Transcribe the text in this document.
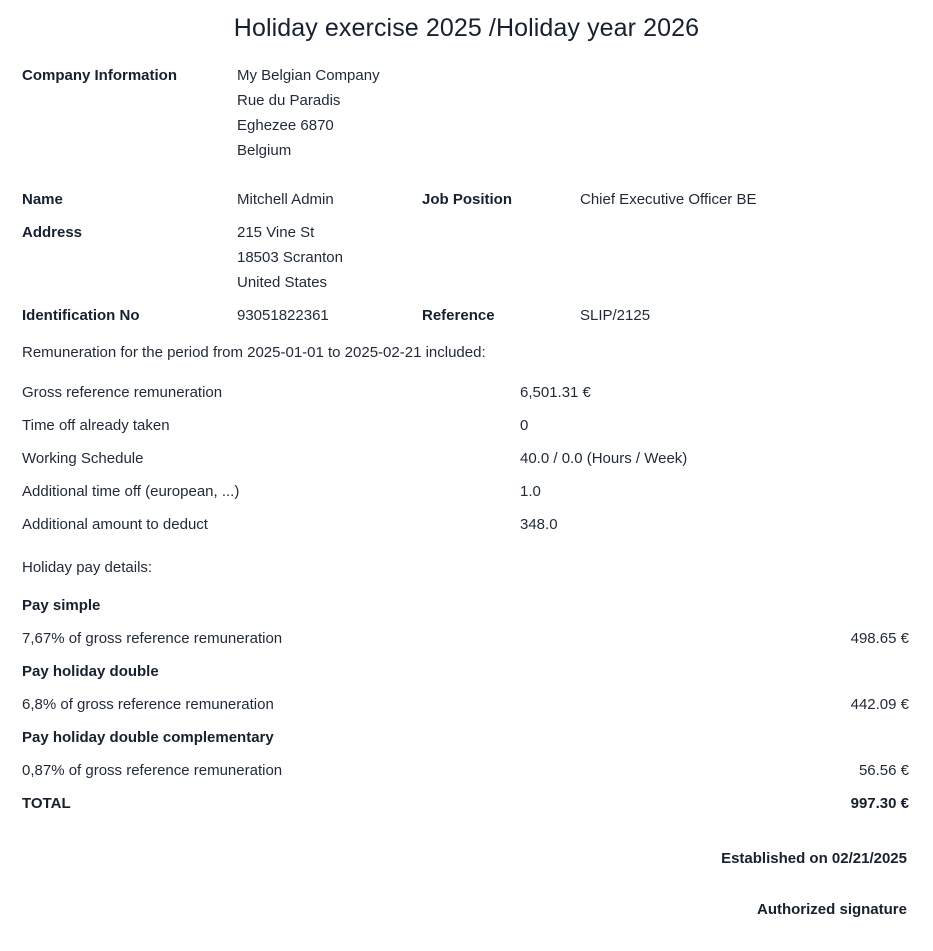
Holiday exercise 2025 /Holiday year 2026
Company Information	My Belgian Company
Rue du Paradis
Eghezee 6870
Belgium
Name	Mitchell Admin	Job Position	Chief Executive Officer BE
Address	215 Vine St
18503 Scranton
United States
Identification No	93051822361	Reference	SLIP/2125
Remuneration for the period from 2025-01-01 to 2025-02-21 included:
Gross reference remuneration	6,501.31 €
Time off already taken	0
Working Schedule	40.0 / 0.0 (Hours / Week)
Additional time off (european, ...)	1.0
Additional amount to deduct	348.0
Holiday pay details:
Pay simple
7,67% of gross reference remuneration	498.65 €
Pay holiday double
6,8% of gross reference remuneration	442.09 €
Pay holiday double complementary
0,87% of gross reference remuneration	56.56 €
TOTAL	997.30 €
Established on 02/21/2025
Authorized signature
